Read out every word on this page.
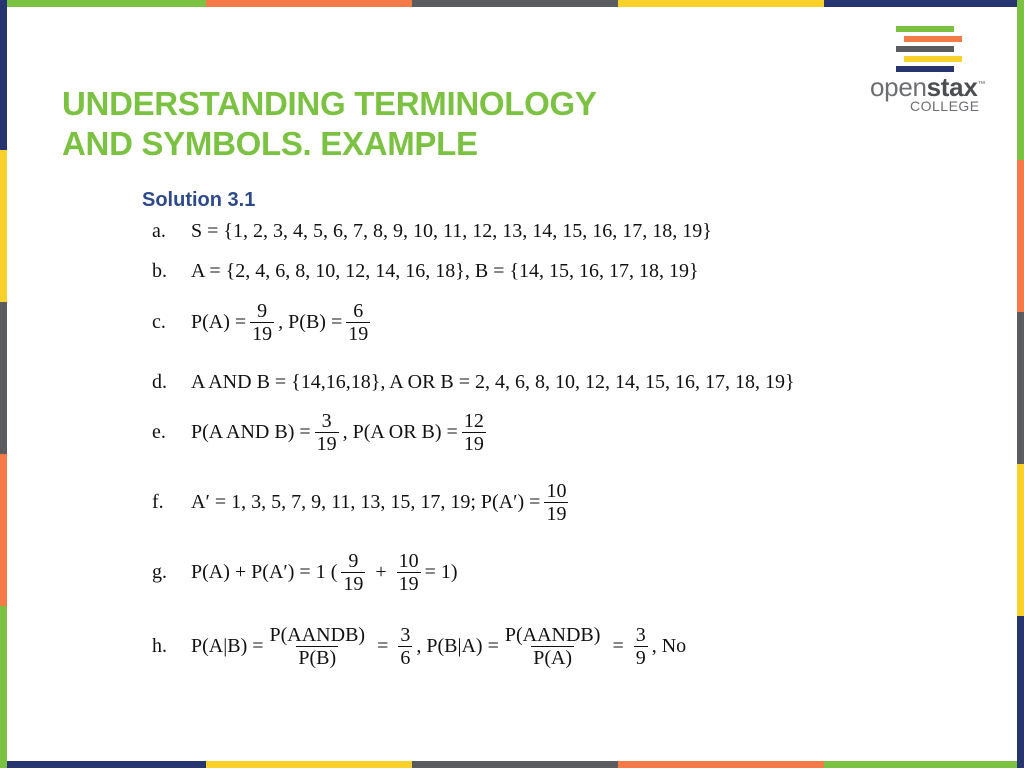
UNDERSTANDING TERMINOLOGY
AND SYMBOLS. EXAMPLE
openstax™
COLLEGE
Solution 3.1
a.	S = {1, 2, 3, 4, 5, 6, 7, 8, 9, 10, 11, 12, 13, 14, 15, 16, 17, 18, 19}
b.	A = {2, 4, 6, 8, 10, 12, 14, 16, 18}, B = {14, 15, 16, 17, 18, 19}
c.	$P(A) = \frac{9}{19}$ , $P(B) = \frac{6}{19}$
d.	A AND B = {14,16,18}, A OR B = 2, 4, 6, 8, 10, 12, 14, 15, 16, 17, 18, 19}
e.	P(A AND $B) = \frac{3}{19}$ , P(A OR $B) = \frac{12}{19}$
f.	A′ = 1, 3, 5, 7, 9, 11, 13, 15, 17, 19; $P(A') = \frac{10}{19}$
g.	P(A) + P(A′) = 1 ( $\frac{9}{19} + \frac{10}{19} = 1$)
h.	$P(A|B) = \frac{\text{P(AANDB)}}{P(B)} = \frac{3}{6}$ , $P(B|A) = \frac{\text{P(AANDB)}}{P(A)} = \frac{3}{9}$ , No
